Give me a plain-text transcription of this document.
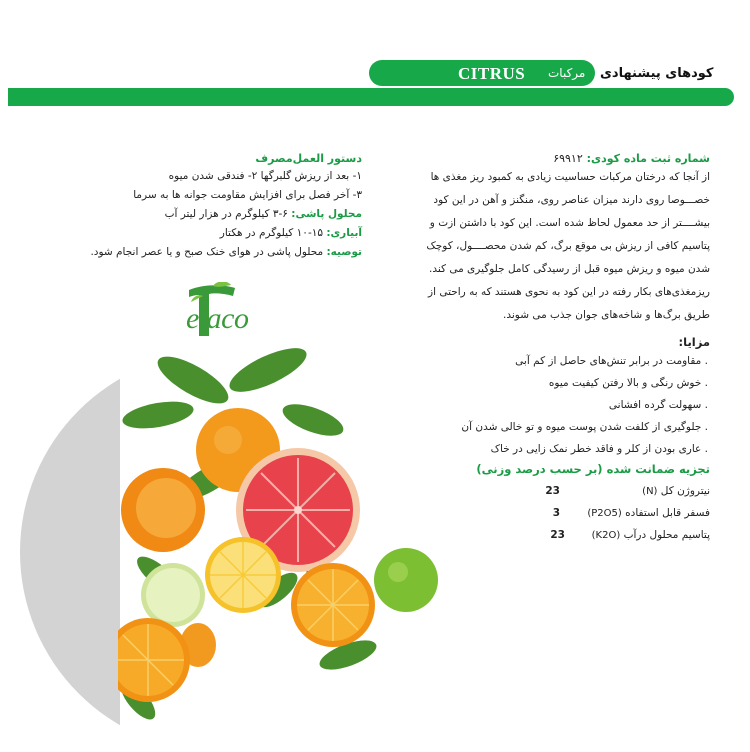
CITRUS مرکبات کودهای پیشنهادی
شماره ثبت ماده کودی: ۶۹۹۱۲
از آنجا که درختان مرکبات حساسیت زیادی به کمبود ریز مغذی ها
خصـــوصا روی دارند میزان عناصر روی، منگنز و آهن در این کود
بیشــــتر از حد معمول لحاظ شده است. این کود با داشتن ازت و
پتاسیم کافی از ریزش بی موقع برگ، کم شدن محصــــول، کوچک
شدن میوه و ریزش میوه قبل از رسیدگی کامل جلوگیری می کند.
ریزمغذی‌های بکار رفته در این کود به نحوی هستند که به راحتی از
طریق برگ‌ها و شاخه‌های جوان جذب می شوند.
مزایا:
. مقاومت در برابر تنش‌های حاصل از کم آبی
. خوش رنگی و بالا رفتن کیفیت میوه
. سهولت گرده افشانی
. جلوگیری از کلفت شدن پوست میوه و تو خالی شدن آن
. عاری بودن از کلر و فاقد خطر نمک زایی در خاک
تجزیه ضمانت شده (بر حسب درصد وزنی)
نیتروژن کل (N)
23
فسفر قابل استفاده (P2O5)
3
پتاسیم محلول درآب (K2O)
23
دستور العمل‌مصرف
۱- بعد از ریزش گلبرگها ۲- فندقی شدن میوه
۳- آخر فصل برای افزایش مقاومت جوانه ها به سرما
محلول پاشی: ۶-۳ کیلوگرم در هزار لیتر آب
آبیاری: ۱۵-۱۰ کیلوگرم در هکتار
توصیه: محلول پاشی در هوای خنک صبح و یا عصر انجام شود.
etaco
